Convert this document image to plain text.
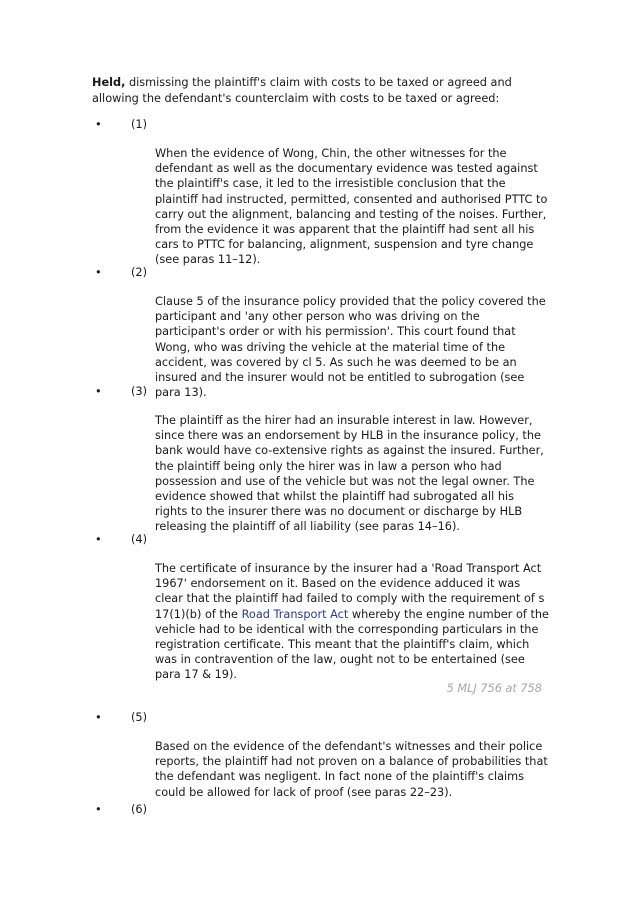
Held, dismissing the plaintiff's claim with costs to be taxed or agreed and allowing the defendant's counterclaim with costs to be taxed or agreed:

•	(1)

When the evidence of Wong, Chin, the other witnesses for the defendant as well as the documentary evidence was tested against the plaintiff's case, it led to the irresistible conclusion that the plaintiff had instructed, permitted, consented and authorised PTTC to carry out the alignment, balancing and testing of the noises. Further, from the evidence it was apparent that the plaintiff had sent all his cars to PTTC for balancing, alignment, suspension and tyre change (see paras 11–12).

•	(2)

Clause 5 of the insurance policy provided that the policy covered the participant and 'any other person who was driving on the participant's order or with his permission'. This court found that Wong, who was driving the vehicle at the material time of the accident, was covered by cl 5. As such he was deemed to be an insured and the insurer would not be entitled to subrogation (see para 13).

•	(3)

The plaintiff as the hirer had an insurable interest in law. However, since there was an endorsement by HLB in the insurance policy, the bank would have co-extensive rights as against the insured. Further, the plaintiff being only the hirer was in law a person who had possession and use of the vehicle but was not the legal owner. The evidence showed that whilst the plaintiff had subrogated all his rights to the insurer there was no document or discharge by HLB releasing the plaintiff of all liability (see paras 14–16).

•	(4)

The certificate of insurance by the insurer had a 'Road Transport Act 1967' endorsement on it. Based on the evidence adduced it was clear that the plaintiff had failed to comply with the requirement of s 17(1)(b) of the Road Transport Act whereby the engine number of the vehicle had to be identical with the corresponding particulars in the registration certificate. This meant that the plaintiff's claim, which was in contravention of the law, ought not to be entertained (see para 17 & 19).

5 MLJ 756 at 758
•	(5)

Based on the evidence of the defendant's witnesses and their police reports, the plaintiff had not proven on a balance of probabilities that the defendant was negligent. In fact none of the plaintiff's claims could be allowed for lack of proof (see paras 22–23).

•	(6)
